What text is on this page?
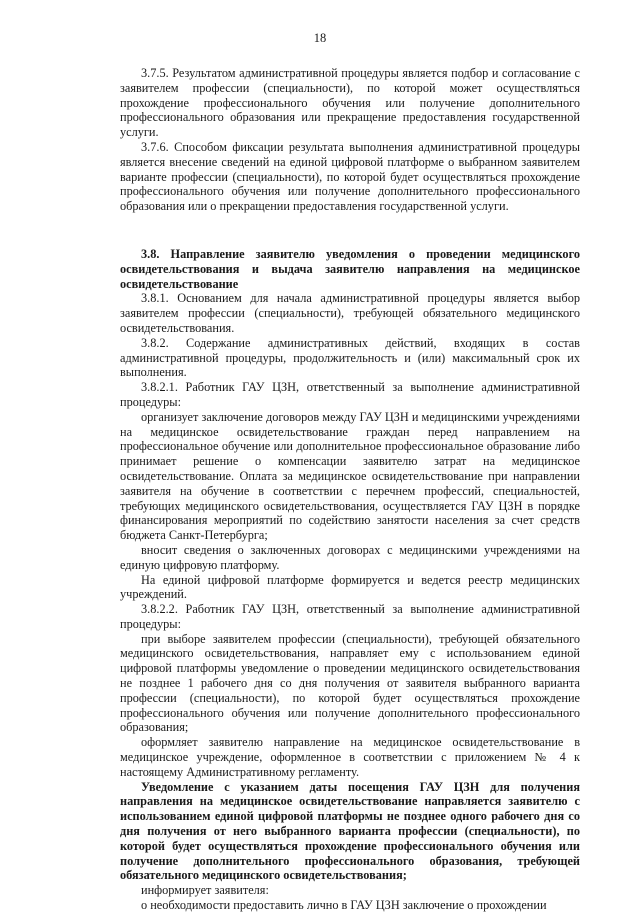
18

3.7.5. Результатом административной процедуры является подбор и согласование с заявителем профессии (специальности), по которой может осуществляться прохождение профессионального обучения или получение дополнительного профессионального образования или прекращение предоставления государственной услуги.

3.7.6. Способом фиксации результата выполнения административной процедуры является внесение сведений на единой цифровой платформе о выбранном заявителем варианте профессии (специальности), по которой будет осуществляться прохождение профессионального обучения или получение дополнительного профессионального образования или о прекращении предоставления государственной услуги.

3.8. Направление заявителю уведомления о проведении медицинского освидетельствования и выдача заявителю направления на медицинское освидетельствование

3.8.1. Основанием для начала административной процедуры является выбор заявителем профессии (специальности), требующей обязательного медицинского освидетельствования.

3.8.2. Содержание административных действий, входящих в состав административной процедуры, продолжительность и (или) максимальный срок их выполнения.

3.8.2.1. Работник ГАУ ЦЗН, ответственный за выполнение административной процедуры:

организует заключение договоров между ГАУ ЦЗН и медицинскими учреждениями на медицинское освидетельствование граждан перед направлением на профессиональное обучение или дополнительное профессиональное образование либо принимает решение о компенсации заявителю затрат на медицинское освидетельствование. Оплата за медицинское освидетельствование при направлении заявителя на обучение в соответствии с перечнем профессий, специальностей, требующих медицинского освидетельствования, осуществляется ГАУ ЦЗН в порядке финансирования мероприятий по содействию занятости населения за счет средств бюджета Санкт-Петербурга;

вносит сведения о заключенных договорах с медицинскими учреждениями на единую цифровую платформу.

На единой цифровой платформе формируется и ведется реестр медицинских учреждений.

3.8.2.2. Работник ГАУ ЦЗН, ответственный за выполнение административной процедуры:

при выборе заявителем профессии (специальности), требующей обязательного медицинского освидетельствования, направляет ему с использованием единой цифровой платформы уведомление о проведении медицинского освидетельствования не позднее 1 рабочего дня со дня получения от заявителя выбранного варианта профессии (специальности), по которой будет осуществляться прохождение профессионального обучения или получение дополнительного профессионального образования;

оформляет заявителю направление на медицинское освидетельствование в медицинское учреждение, оформленное в соответствии с приложением № 4 к настоящему Административному регламенту.

Уведомление с указанием даты посещения ГАУ ЦЗН для получения направления на медицинское освидетельствование направляется заявителю с использованием единой цифровой платформы не позднее одного рабочего дня со дня получения от него выбранного варианта профессии (специальности), по которой будет осуществляться прохождение профессионального обучения или получение дополнительного профессионального образования, требующей обязательного медицинского освидетельствования;

информирует заявителя:

о необходимости предоставить лично в ГАУ ЦЗН заключение о прохождении
